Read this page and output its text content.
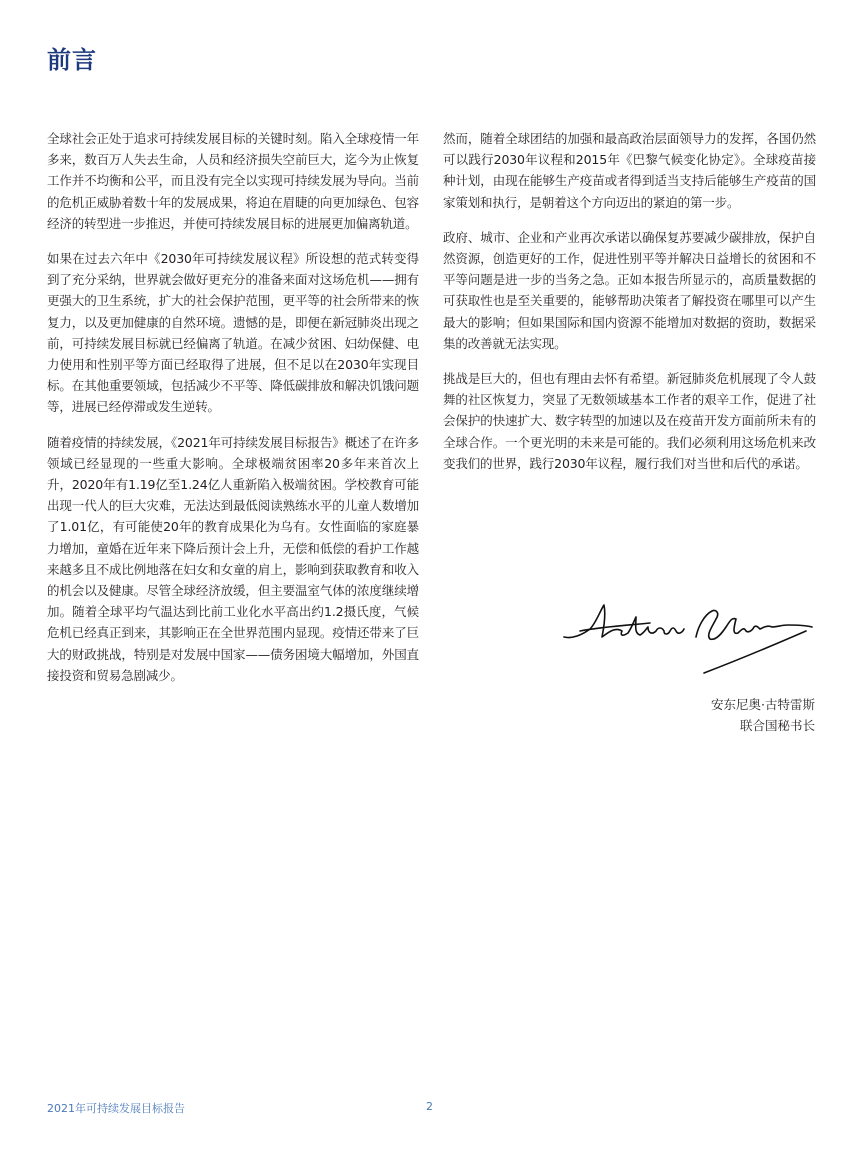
前言

全球社会正处于追求可持续发展目标的关键时刻。陷入全球疫情一年多来，数百万人失去生命，人员和经济损失空前巨大，迄今为止恢复工作并不均衡和公平，而且没有完全以实现可持续发展为导向。当前的危机正威胁着数十年的发展成果，将迫在眉睫的向更加绿色、包容经济的转型进一步推迟，并使可持续发展目标的进展更加偏离轨道。

如果在过去六年中《2030年可持续发展议程》所设想的范式转变得到了充分采纳，世界就会做好更充分的准备来面对这场危机——拥有更强大的卫生系统，扩大的社会保护范围，更平等的社会所带来的恢复力，以及更加健康的自然环境。遗憾的是，即便在新冠肺炎出现之前，可持续发展目标就已经偏离了轨道。在减少贫困、妇幼保健、电力使用和性别平等方面已经取得了进展，但不足以在2030年实现目标。在其他重要领域，包括减少不平等、降低碳排放和解决饥饿问题等，进展已经停滞或发生逆转。

随着疫情的持续发展，《2021年可持续发展目标报告》概述了在许多领域已经显现的一些重大影响。全球极端贫困率20多年来首次上升，2020年有1.19亿至1.24亿人重新陷入极端贫困。学校教育可能出现一代人的巨大灾难，无法达到最低阅读熟练水平的儿童人数增加了1.01亿，有可能使20年的教育成果化为乌有。女性面临的家庭暴力增加，童婚在近年来下降后预计会上升，无偿和低偿的看护工作越来越多且不成比例地落在妇女和女童的肩上，影响到获取教育和收入的机会以及健康。尽管全球经济放缓，但主要温室气体的浓度继续增加。随着全球平均气温达到比前工业化水平高出约1.2摄氏度，气候危机已经真正到来，其影响正在全世界范围内显现。疫情还带来了巨大的财政挑战，特别是对发展中国家——债务困境大幅增加，外国直接投资和贸易急剧减少。

然而，随着全球团结的加强和最高政治层面领导力的发挥，各国仍然可以践行2030年议程和2015年《巴黎气候变化协定》。全球疫苗接种计划，由现在能够生产疫苗或者得到适当支持后能够生产疫苗的国家策划和执行，是朝着这个方向迈出的紧迫的第一步。

政府、城市、企业和产业再次承诺以确保复苏要减少碳排放，保护自然资源，创造更好的工作，促进性别平等并解决日益增长的贫困和不平等问题是进一步的当务之急。正如本报告所显示的，高质量数据的可获取性也是至关重要的，能够帮助决策者了解投资在哪里可以产生最大的影响；但如果国际和国内资源不能增加对数据的资助，数据采集的改善就无法实现。

挑战是巨大的，但也有理由去怀有希望。新冠肺炎危机展现了令人鼓舞的社区恢复力，突显了无数领域基本工作者的艰辛工作，促进了社会保护的快速扩大、数字转型的加速以及在疫苗开发方面前所未有的全球合作。一个更光明的未来是可能的。我们必须利用这场危机来改变我们的世界，践行2030年议程，履行我们对当世和后代的承诺。

安东尼奥·古特雷斯
联合国秘书长
2021年可持续发展目标报告	2
